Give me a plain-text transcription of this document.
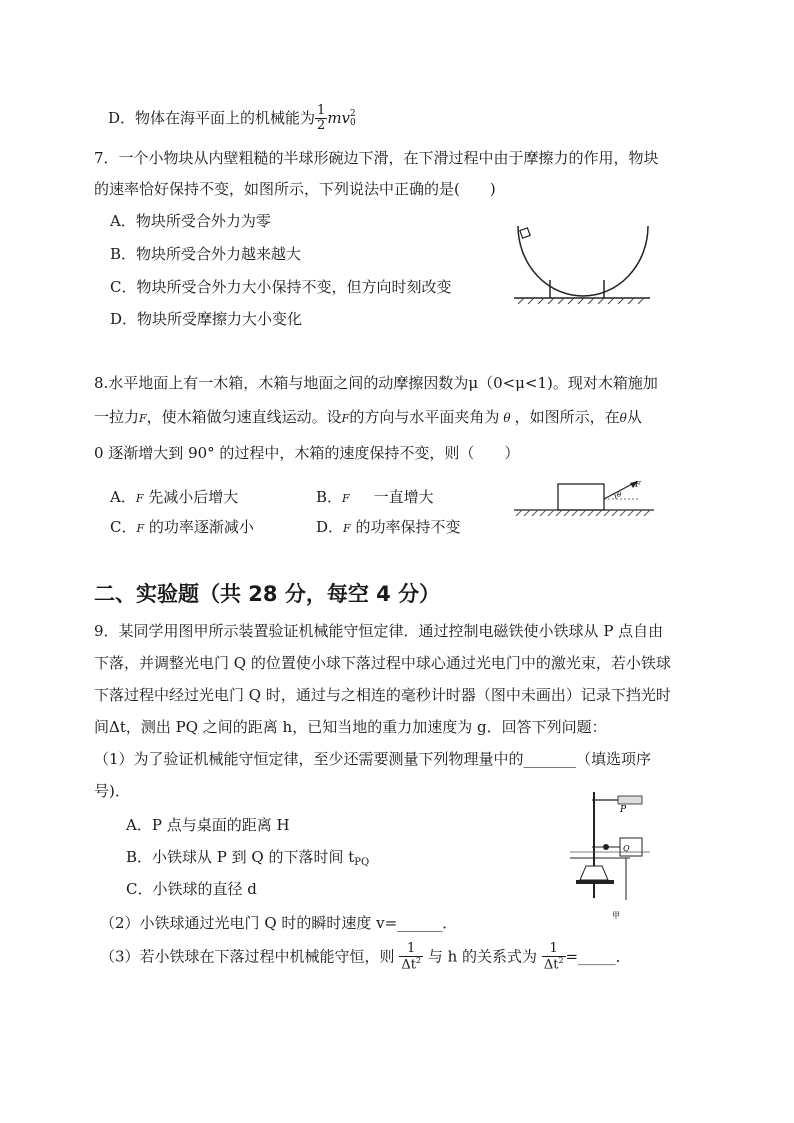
D．物体在海平面上的机械能为 $\frac{1}{2}$ mv 2
0
7．一个小物块从内壁粗糙的半球形碗边下滑，在下滑过程中由于摩擦力的作用，物块
的速率恰好保持不变，如图所示，下列说法中正确的是(　　)
A．物块所受合外力为零
B．物块所受合外力越来越大
C．物块所受合外力大小保持不变，但方向时刻改变
D．物块所受摩擦力大小变化
8.水平地面上有一木箱，木箱与地面之间的动摩擦因数为μ（0<μ<1)。现对木箱施加
一拉力F，使木箱做匀速直线运动。设F的方向与水平面夹角为 θ ，如图所示，在θ从
0 逐渐增大到 90° 的过程中，木箱的速度保持不变，则（　　）
A．F 先减小后增大	B．F 一直增大
C．F 的功率逐渐减小	D．F 的功率保持不变
F
θ
二、实验题（共 28 分，每空 4 分）
9．某同学用图甲所示装置验证机械能守恒定律．通过控制电磁铁使小铁球从 P 点自由
下落，并调整光电门 Q 的位置使小球下落过程中球心通过光电门中的激光束，若小铁球
下落过程中经过光电门 Q 时，通过与之相连的毫秒计时器（图中未画出）记录下挡光时
间Δt，测出 PQ 之间的距离 h，已知当地的重力加速度为 g．回答下列问题：
（1）为了验证机械能守恒定律，至少还需要测量下列物理量中的_______（填选项序
号)．
A．P 点与桌面的距离 H
B．小铁球从 P 到 Q 的下落时间 $t_{PQ}$
C．小铁球的直径 d
（2）小铁球通过光电门 Q 时的瞬时速度 v=______．
（3）若小铁球在下落过程中机械能守恒，则 $\frac{1}{\Delta t^2}$ 与 h 的关系式为 $\frac{1}{\Delta t^2}$ =_____．
P
Q
甲
